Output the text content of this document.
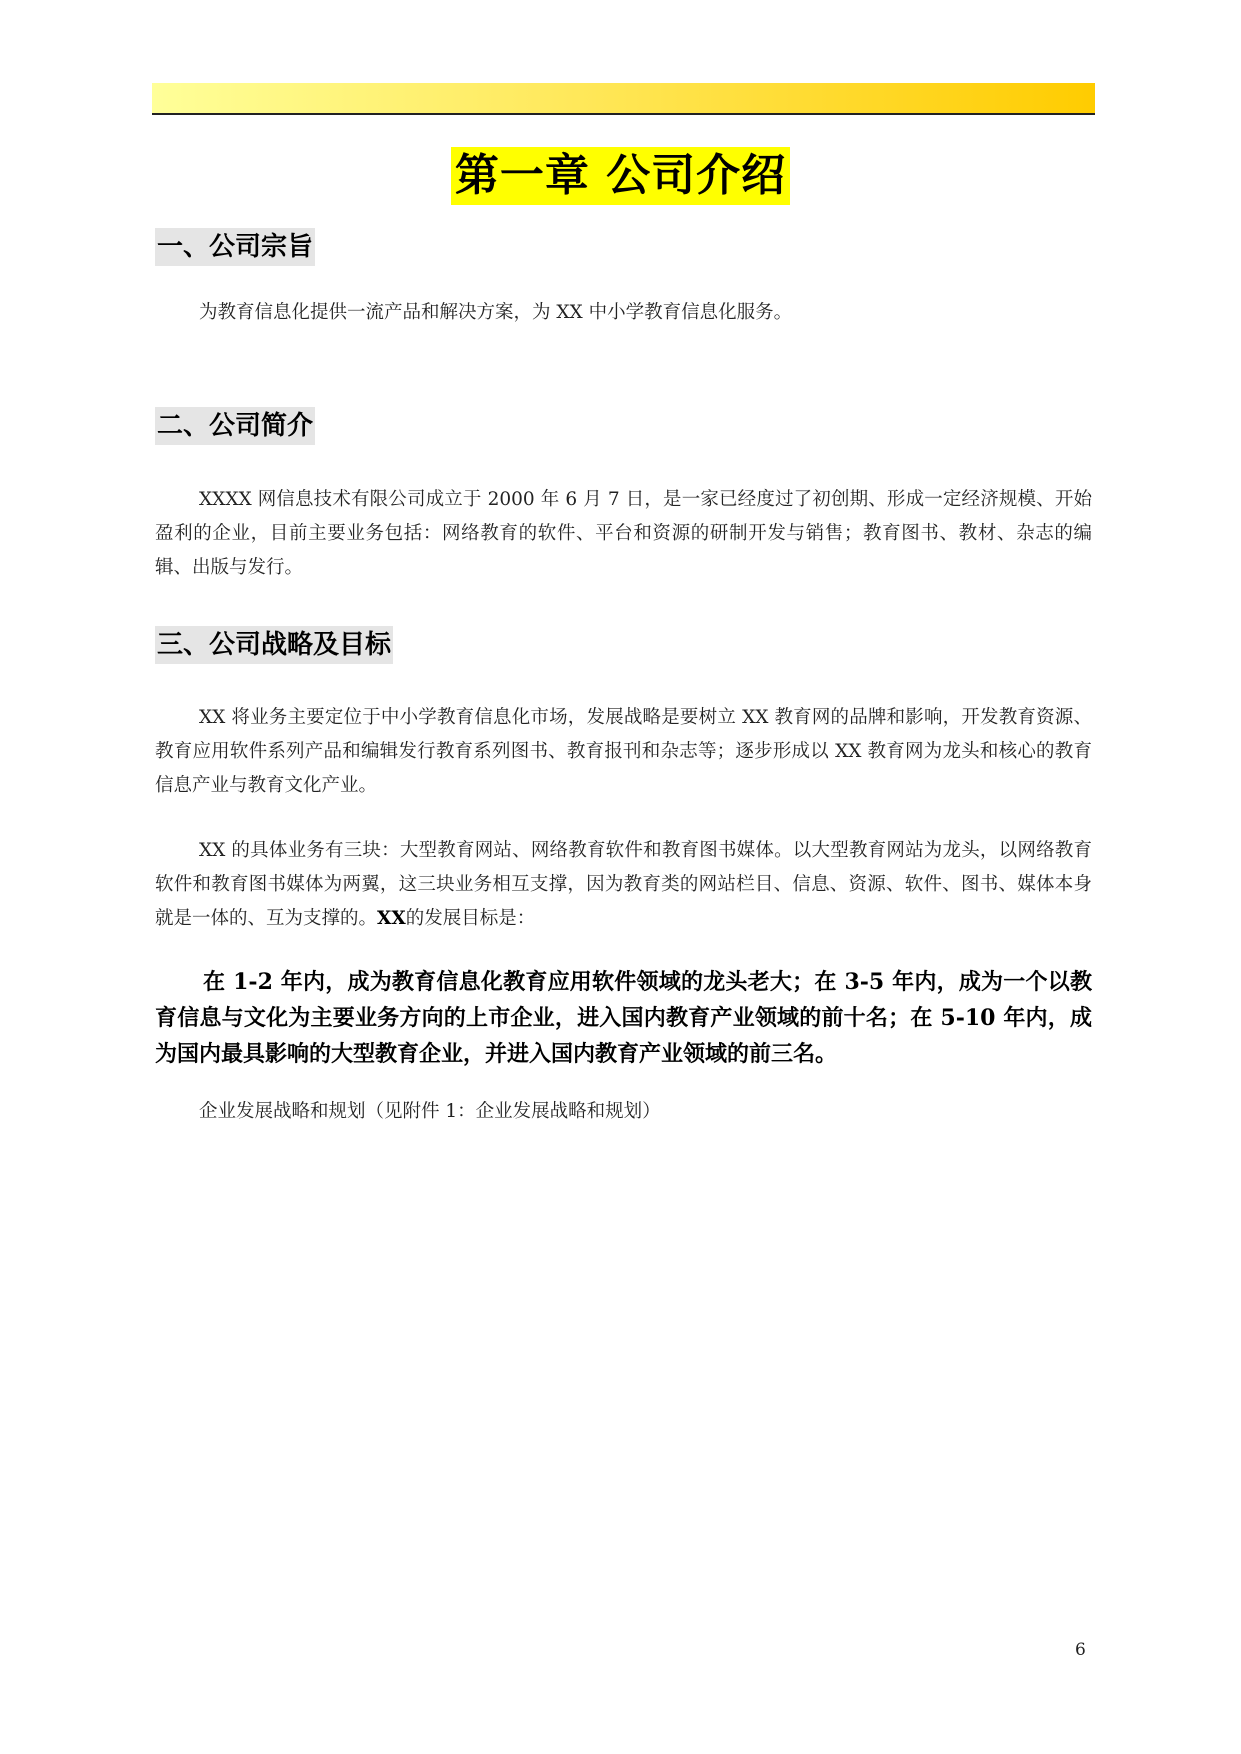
第一章 公司介绍
一、公司宗旨
为教育信息化提供一流产品和解决方案，为 XX 中小学教育信息化服务。
二、公司简介
XXXX 网信息技术有限公司成立于 2000 年 6 月 7 日，是一家已经度过了初创期、形成一定经济规模、开始盈利的企业，目前主要业务包括：网络教育的软件、平台和资源的研制开发与销售；教育图书、教材、杂志的编辑、出版与发行。
三、公司战略及目标
XX 将业务主要定位于中小学教育信息化市场，发展战略是要树立 XX 教育网的品牌和影响，开发教育资源、教育应用软件系列产品和编辑发行教育系列图书、教育报刊和杂志等；逐步形成以 XX 教育网为龙头和核心的教育信息产业与教育文化产业。
XX 的具体业务有三块：大型教育网站、网络教育软件和教育图书媒体。以大型教育网站为龙头，以网络教育软件和教育图书媒体为两翼，这三块业务相互支撑，因为教育类的网站栏目、信息、资源、软件、图书、媒体本身就是一体的、互为支撑的。XX的发展目标是：
在 1-2 年内，成为教育信息化教育应用软件领域的龙头老大；在 3-5 年内，成为一个以教育信息与文化为主要业务方向的上市企业，进入国内教育产业领域的前十名；在 5-10 年内，成为国内最具影响的大型教育企业，并进入国内教育产业领域的前三名。
企业发展战略和规划（见附件 1：企业发展战略和规划）
6
